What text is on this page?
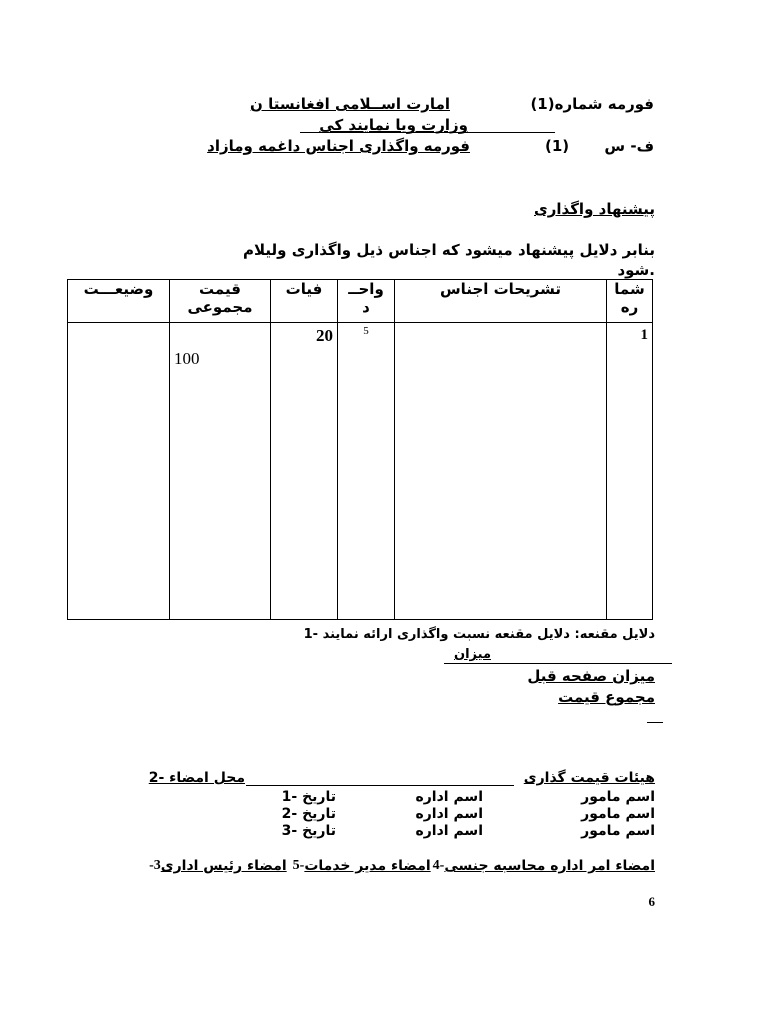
فورمه شماره(1)
امارت اســلامی افغانستا ن
وزارت ویا نمایند کی
ف- س
(1)
فورمه واگذاری اجناس داغمه ومازاد
پیشنهاد واگذاری
بنابر دلایل پیشنهاد میشود که اجناس ذیل واگذاری ولیلام
.شود
شما ره	تشریحات اجناس	واحــ د	فیات	قیمت مجموعی	وضیعـــت
1		5	20	100	
دلایل مقنعه: دلایل مقنعه نسبت واگذاری ارائه نمایند -1
میزان
میزان صفحه قبل
مجموع قیمت
هیئات قیمت گذاری
محل امضاء -2
اسم مامور
اسم اداره
تاریخ -1
اسم مامور
اسم اداره
تاریخ -2
اسم مامور
اسم اداره
تاریخ -3
-3 امضاء رئیس اداری 5- امضاء مدیر خدمات 4- امضاء امر اداره محاسبه جنسی
6
